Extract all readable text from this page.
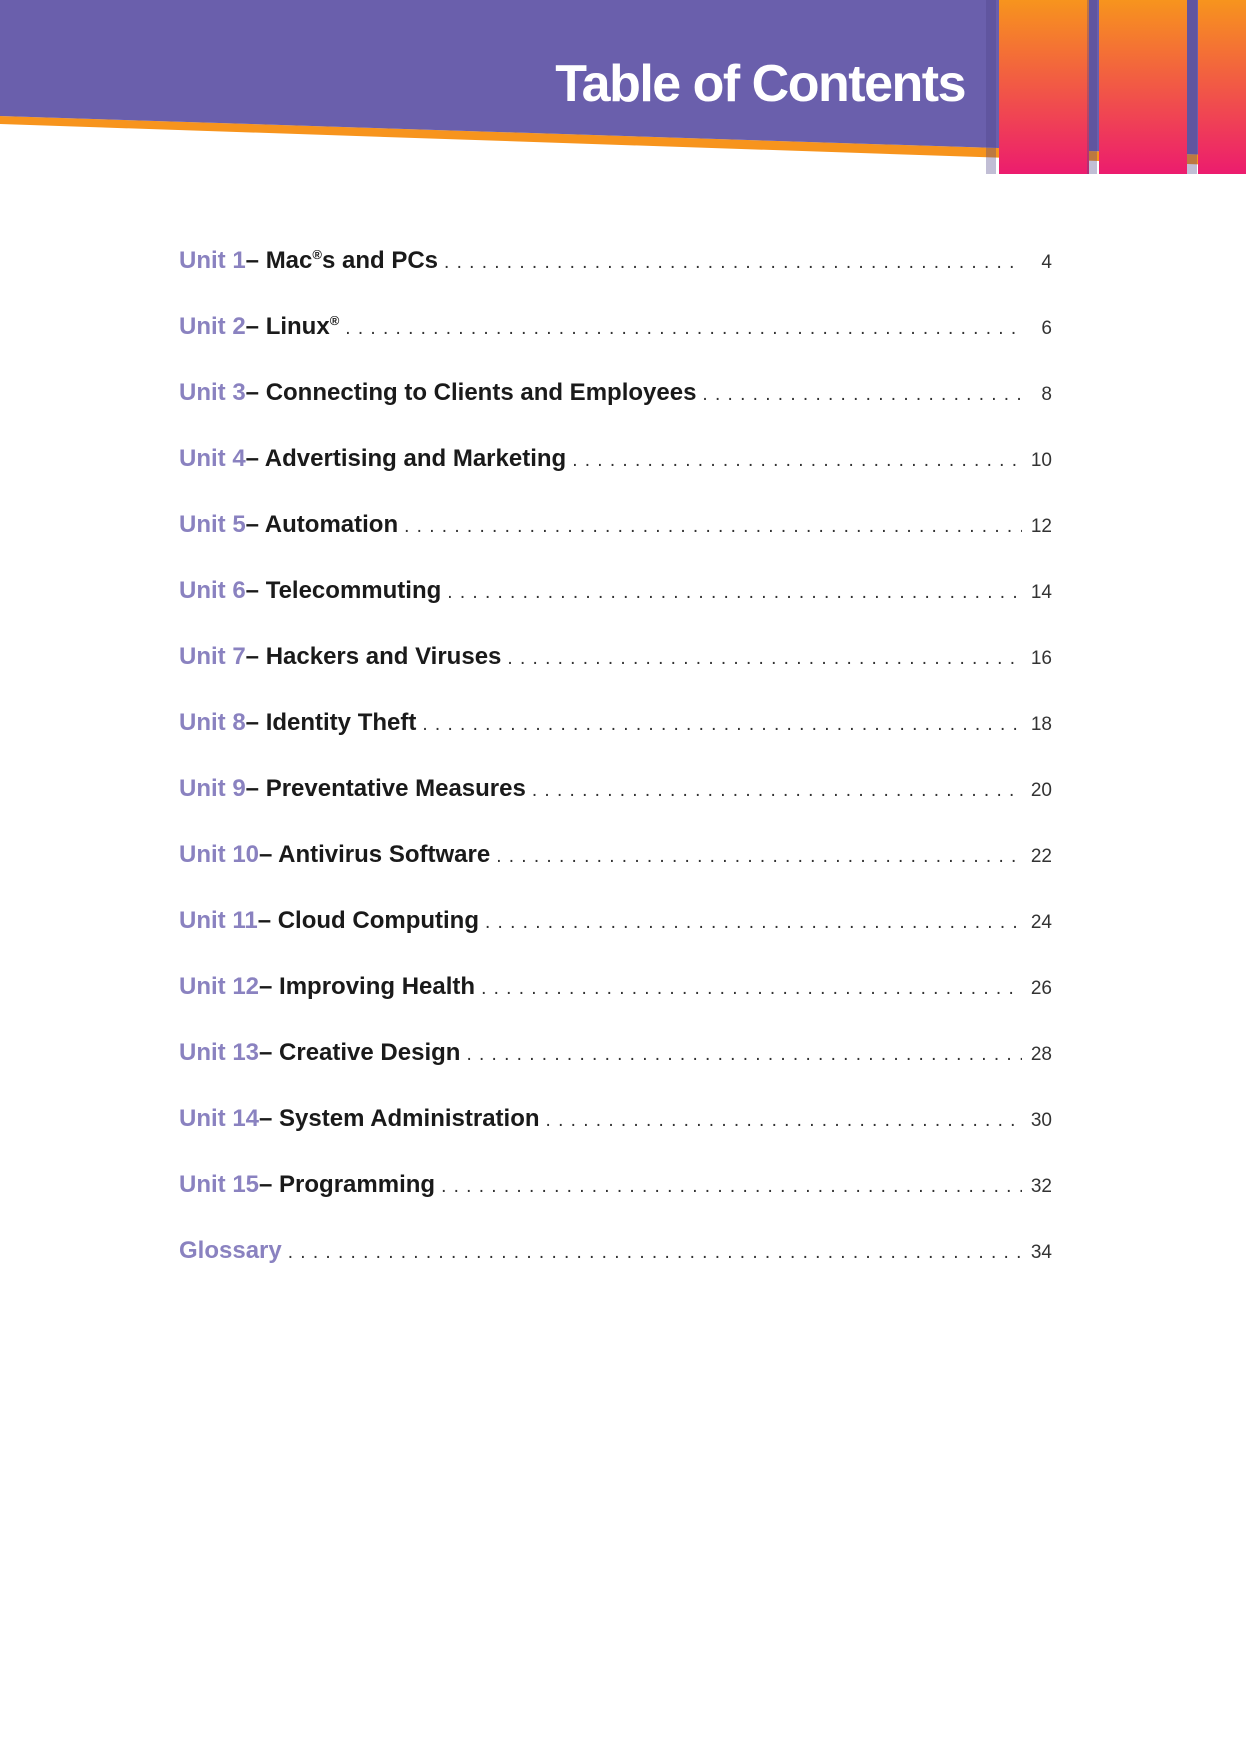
Table of Contents
Unit 1 – Mac®s and PCs . . .	4
Unit 2 – Linux® . . .	6
Unit 3 – Connecting to Clients and Employees . . .	8
Unit 4 – Advertising and Marketing . . .	10
Unit 5 – Automation . . .	12
Unit 6 – Telecommuting . . .	14
Unit 7 – Hackers and Viruses . . .	16
Unit 8 – Identity Theft . . .	18
Unit 9 – Preventative Measures . . .	20
Unit 10 – Antivirus Software . . .	22
Unit 11 – Cloud Computing . . .	24
Unit 12 – Improving Health . . .	26
Unit 13 – Creative Design . . .	28
Unit 14 – System Administration . . .	30
Unit 15 – Programming . . .	32
Glossary . . .	34
